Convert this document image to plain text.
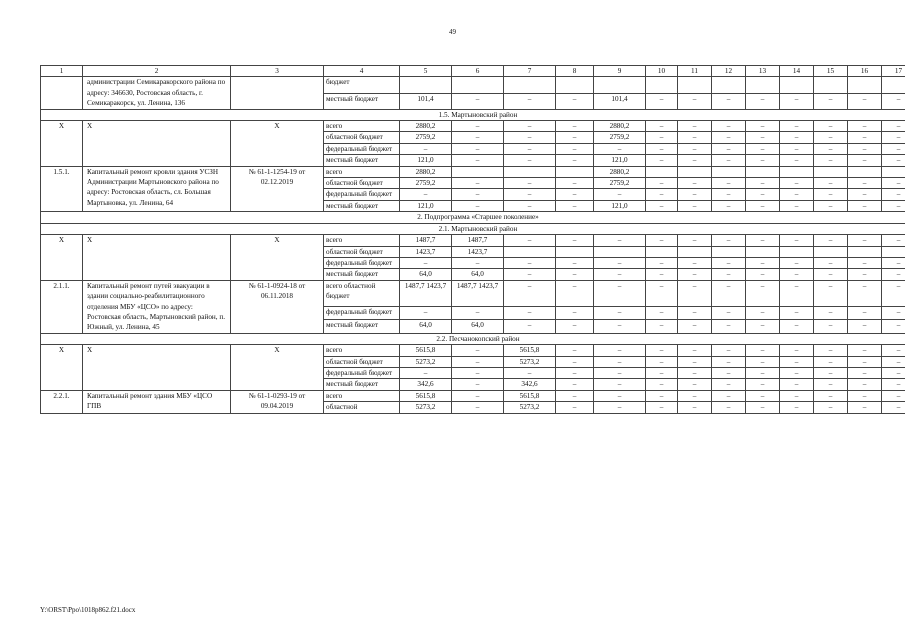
49
1	2	3	4	5	6	7	8	9	10	11	12	13	14	15	16	17
	администрации Семикаракорского района по адресу: 346630, Ростовская область, г. Семикаракорск, ул. Ленина, 136		бюджет													
			местный бюджет	101,4	–	–	–	101,4	–	–	–	–	–	–	–	–
1.5. Мартыновский район																
Х	Х	Х	всего	2880,2	–	–	–	2880,2	–	–	–	–	–	–	–	–
			областной бюджет	2759,2	–	–	–	2759,2	–	–	–	–	–	–	–	–
			федеральный бюджет	–	–	–	–	–	–	–	–	–	–	–	–	–
			местный бюджет	121,0	–	–	–	121,0	–	–	–	–	–	–	–	–
1.5.1.	Капитальный ремонт кровли здания УСЗН Администрации Мартыновского района по адресу: Ростовская область, сл. Большая Мартыновка, ул. Ленина, 64	№ 61-1-1254-19 от 02.12.2019	всего	2880,2				2880,2								
			областной бюджет	2759,2	–	–	–	2759,2	–	–	–	–	–	–	–	–
			федеральный бюджет	–	–	–	–	–	–	–	–	–	–	–	–	–
			местный бюджет	121,0	–	–	–	121,0	–	–	–	–	–	–	–	–
2. Подпрограмма «Старшее поколение»																
2.1. Мартыновский район																
Х	Х	Х	всего	1487,7	1487,7	–	–	–	–	–	–	–	–	–	–	–
			областной бюджет	1423,7	1423,7											
			федеральный бюджет	–	–	–	–	–	–	–	–	–	–	–	–	–
			местный бюджет	64,0	64,0	–	–	–	–	–	–	–	–	–	–	–
2.1.1.	Капитальный ремонт путей эвакуации в здании социально-реабилитационного отделения МБУ «ЦСО» по адресу: Ростовская область, Мартыновский район, п. Южный, ул. Ленина, 45	№ 61-1-0924-18 от 06.11.2018	всего областной бюджет	1487,7 1423,7	1487,7 1423,7	–	–	–	–	–	–	–	–	–	–	–
			федеральный бюджет	–	–	–	–	–	–	–	–	–	–	–	–	–
			местный бюджет	64,0	64,0	–	–	–	–	–	–	–	–	–	–	–
2.2. Песчанокопский район																
Х	Х	Х	всего	5615,8	–	5615,8	–	–	–	–	–	–	–	–	–	–
			областной бюджет	5273,2	–	5273,2	–	–	–	–	–	–	–	–	–	–
			федеральный бюджет	–	–	–	–	–	–	–	–	–	–	–	–	–
			местный бюджет	342,6	–	342,6	–	–	–	–	–	–	–	–	–	–
2.2.1.	Капитальный ремонт здания МБУ «ЦСО ГПВ	№ 61-1-0293-19 от 09.04.2019	всего	5615,8	–	5615,8	–	–	–	–	–	–	–	–	–	–
			областной	5273,2	–	5273,2	–	–	–	–	–	–	–	–	–	–
Y:\ORST\Ppo\1018p862.f21.docx
